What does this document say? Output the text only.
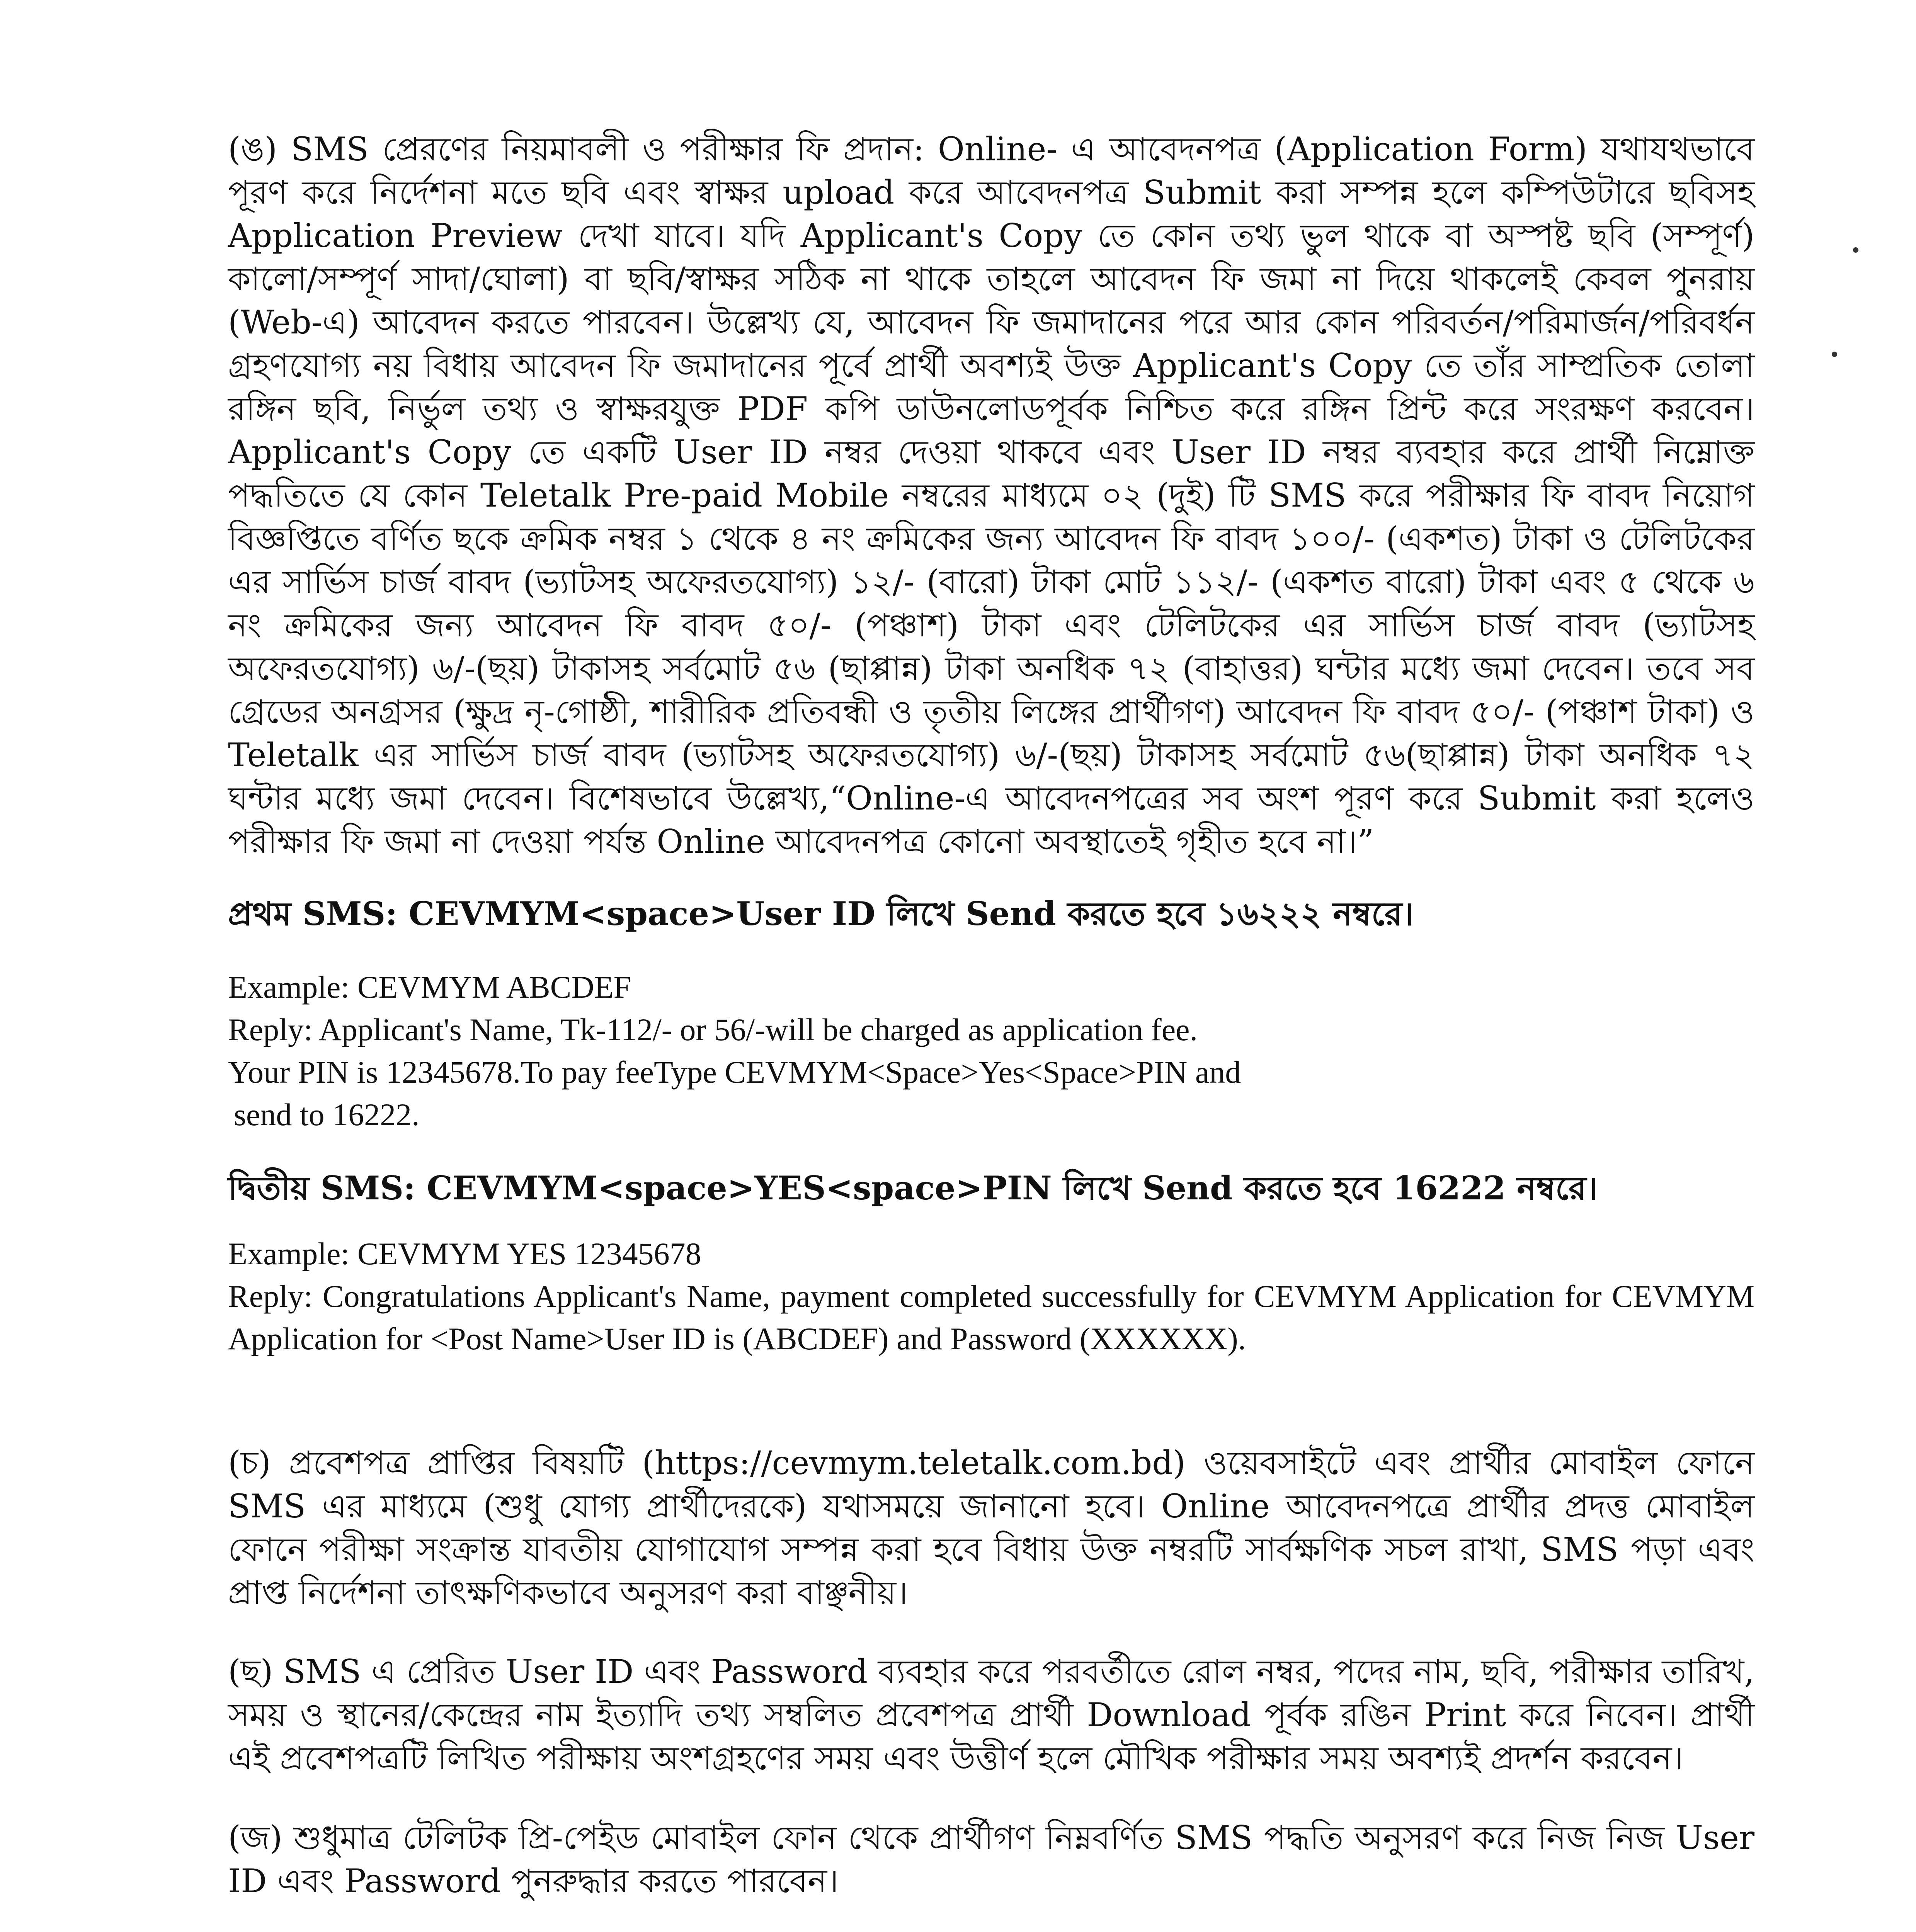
(ঙ) SMS প্রেরণের নিয়মাবলী ও পরীক্ষার ফি প্রদান: Online- এ আবেদনপত্র (Application Form) যথাযথভাবে পূরণ করে নির্দেশনা মতে ছবি এবং স্বাক্ষর upload করে আবেদনপত্র Submit করা সম্পন্ন হলে কম্পিউটারে ছবিসহ Application Preview দেখা যাবে। যদি Applicant's Copy তে কোন তথ্য ভুল থাকে বা অস্পষ্ট ছবি (সম্পূর্ণ) কালো/সম্পূর্ণ সাদা/ঘোলা) বা ছবি/স্বাক্ষর সঠিক না থাকে তাহলে আবেদন ফি জমা না দিয়ে থাকলেই কেবল পুনরায় (Web-এ) আবেদন করতে পারবেন। উল্লেখ্য যে, আবেদন ফি জমাদানের পরে আর কোন পরিবর্তন/পরিমার্জন/পরিবর্ধন গ্রহণযোগ্য নয় বিধায় আবেদন ফি জমাদানের পূর্বে প্রার্থী অবশ্যই উক্ত Applicant's Copy তে তাঁর সাম্প্রতিক তোলা রঙ্গিন ছবি, নির্ভুল তথ্য ও স্বাক্ষরযুক্ত PDF কপি ডাউনলোডপূর্বক নিশ্চিত করে রঙ্গিন প্রিন্ট করে সংরক্ষণ করবেন। Applicant's Copy তে একটি User ID নম্বর দেওয়া থাকবে এবং User ID নম্বর ব্যবহার করে প্রার্থী নিম্নোক্ত পদ্ধতিতে যে কোন Teletalk Pre-paid Mobile নম্বরের মাধ্যমে ০২ (দুই) টি SMS করে পরীক্ষার ফি বাবদ নিয়োগ বিজ্ঞপ্তিতে বর্ণিত ছকে ক্রমিক নম্বর ১ থেকে ৪ নং ক্রমিকের জন্য আবেদন ফি বাবদ ১০০/- (একশত) টাকা ও টেলিটকের এর সার্ভিস চার্জ বাবদ (ভ্যাটসহ অফেরতযোগ্য) ১২/- (বারো) টাকা মোট ১১২/- (একশত বারো) টাকা এবং ৫ থেকে ৬ নং ক্রমিকের জন্য আবেদন ফি বাবদ ৫০/- (পঞ্চাশ) টাকা এবং টেলিটকের এর সার্ভিস চার্জ বাবদ (ভ্যাটসহ অফেরতযোগ্য) ৬/-(ছয়) টাকাসহ সর্বমোট ৫৬ (ছাপ্পান্ন) টাকা অনধিক ৭২ (বাহাত্তর) ঘন্টার মধ্যে জমা দেবেন। তবে সব গ্রেডের অনগ্রসর (ক্ষুদ্র নৃ-গোষ্ঠী, শারীরিক প্রতিবন্ধী ও তৃতীয় লিঙ্গের প্রার্থীগণ) আবেদন ফি বাবদ ৫০/- (পঞ্চাশ টাকা) ও Teletalk এর সার্ভিস চার্জ বাবদ (ভ্যাটসহ অফেরতযোগ্য) ৬/-(ছয়) টাকাসহ সর্বমোট ৫৬(ছাপ্পান্ন) টাকা অনধিক ৭২ ঘন্টার মধ্যে জমা দেবেন। বিশেষভাবে উল্লেখ্য,“Online-এ আবেদনপত্রের সব অংশ পূরণ করে Submit করা হলেও পরীক্ষার ফি জমা না দেওয়া পর্যন্ত Online আবেদনপত্র কোনো অবস্থাতেই গৃহীত হবে না।”

প্রথম SMS: CEVMYM<space>User ID লিখে Send করতে হবে ১৬২২২ নম্বরে।

Example: CEVMYM ABCDEF

Reply: Applicant's Name, Tk-112/- or 56/-will be charged as application fee.

Your PIN is 12345678.To pay feeType CEVMYM<Space>Yes<Space>PIN and

send to 16222.

দ্বিতীয় SMS: CEVMYM<space>YES<space>PIN লিখে Send করতে হবে 16222 নম্বরে।

Example: CEVMYM YES 12345678

Reply: Congratulations Applicant's Name, payment completed successfully for CEVMYM Application for CEVMYM Application for <Post Name>User ID is (ABCDEF) and Password (XXXXXX).

(চ) প্রবেশপত্র প্রাপ্তির বিষয়টি (https://cevmym.teletalk.com.bd) ওয়েবসাইটে এবং প্রার্থীর মোবাইল ফোনে SMS এর মাধ্যমে (শুধু যোগ্য প্রার্থীদেরকে) যথাসময়ে জানানো হবে। Online আবেদনপত্রে প্রার্থীর প্রদত্ত মোবাইল ফোনে পরীক্ষা সংক্রান্ত যাবতীয় যোগাযোগ সম্পন্ন করা হবে বিধায় উক্ত নম্বরটি সার্বক্ষণিক সচল রাখা, SMS পড়া এবং প্রাপ্ত নির্দেশনা তাৎক্ষণিকভাবে অনুসরণ করা বাঞ্ছনীয়।

(ছ) SMS এ প্রেরিত User ID এবং Password ব্যবহার করে পরবর্তীতে রোল নম্বর, পদের নাম, ছবি, পরীক্ষার তারিখ, সময় ও স্থানের/কেন্দ্রের নাম ইত্যাদি তথ্য সম্বলিত প্রবেশপত্র প্রার্থী Download পূর্বক রঙিন Print করে নিবেন। প্রার্থী এই প্রবেশপত্রটি লিখিত পরীক্ষায় অংশগ্রহণের সময় এবং উত্তীর্ণ হলে মৌখিক পরীক্ষার সময় অবশ্যই প্রদর্শন করবেন।

(জ) শুধুমাত্র টেলিটক প্রি-পেইড মোবাইল ফোন থেকে প্রার্থীগণ নিম্নবর্ণিত SMS পদ্ধতি অনুসরণ করে নিজ নিজ User ID এবং Password পুনরুদ্ধার করতে পারবেন।
